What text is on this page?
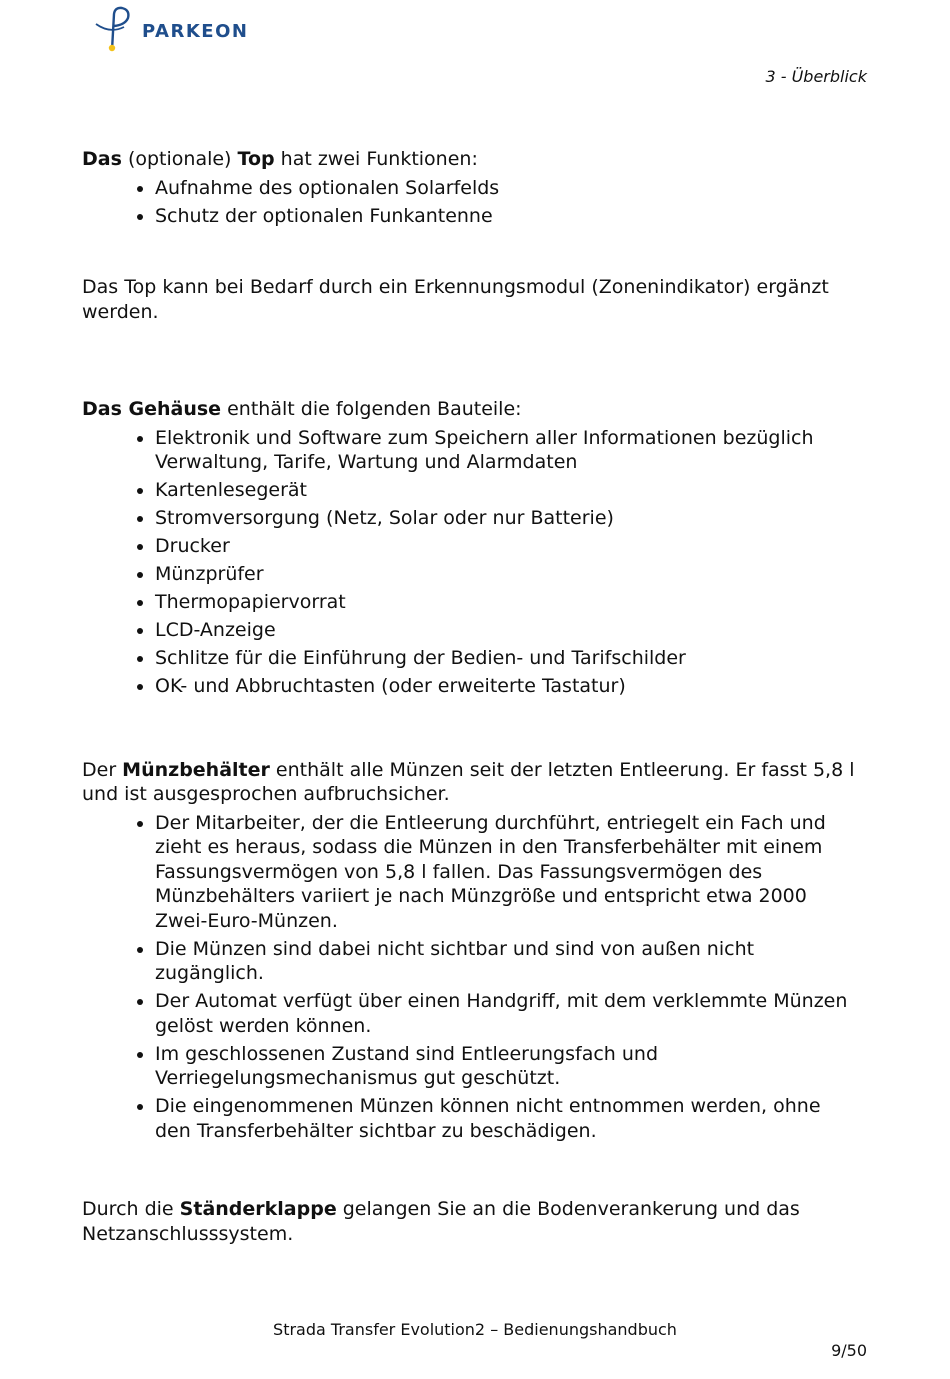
PARKEON
3 - Überblick

Das (optionale) Top hat zwei Funktionen:

• Aufnahme des optionalen Solarfelds
• Schutz der optionalen Funkantenne

Das Top kann bei Bedarf durch ein Erkennungsmodul (Zonenindikator) ergänzt werden.

Das Gehäuse enthält die folgenden Bauteile:

• Elektronik und Software zum Speichern aller Informationen bezüglich Verwaltung, Tarife, Wartung und Alarmdaten
• Kartenlesegerät
• Stromversorgung (Netz, Solar oder nur Batterie)
• Drucker
• Münzprüfer
• Thermopapiervorrat
• LCD-Anzeige
• Schlitze für die Einführung der Bedien- und Tarifschilder
• OK- und Abbruchtasten (oder erweiterte Tastatur)

Der Münzbehälter enthält alle Münzen seit der letzten Entleerung. Er fasst 5,8 l und ist ausgesprochen aufbruchsicher.

• Der Mitarbeiter, der die Entleerung durchführt, entriegelt ein Fach und zieht es heraus, sodass die Münzen in den Transferbehälter mit einem Fassungsvermögen von 5,8 l fallen. Das Fassungsvermögen des Münzbehälters variiert je nach Münzgröße und entspricht etwa 2000 Zwei-Euro-Münzen.
• Die Münzen sind dabei nicht sichtbar und sind von außen nicht zugänglich.
• Der Automat verfügt über einen Handgriff, mit dem verklemmte Münzen gelöst werden können.
• Im geschlossenen Zustand sind Entleerungsfach und Verriegelungsmechanismus gut geschützt.
• Die eingenommenen Münzen können nicht entnommen werden, ohne den Transferbehälter sichtbar zu beschädigen.

Durch die Ständerklappe gelangen Sie an die Bodenverankerung und das Netzanschlusssystem.

Strada Transfer Evolution2 – Bedienungshandbuch
9/50
